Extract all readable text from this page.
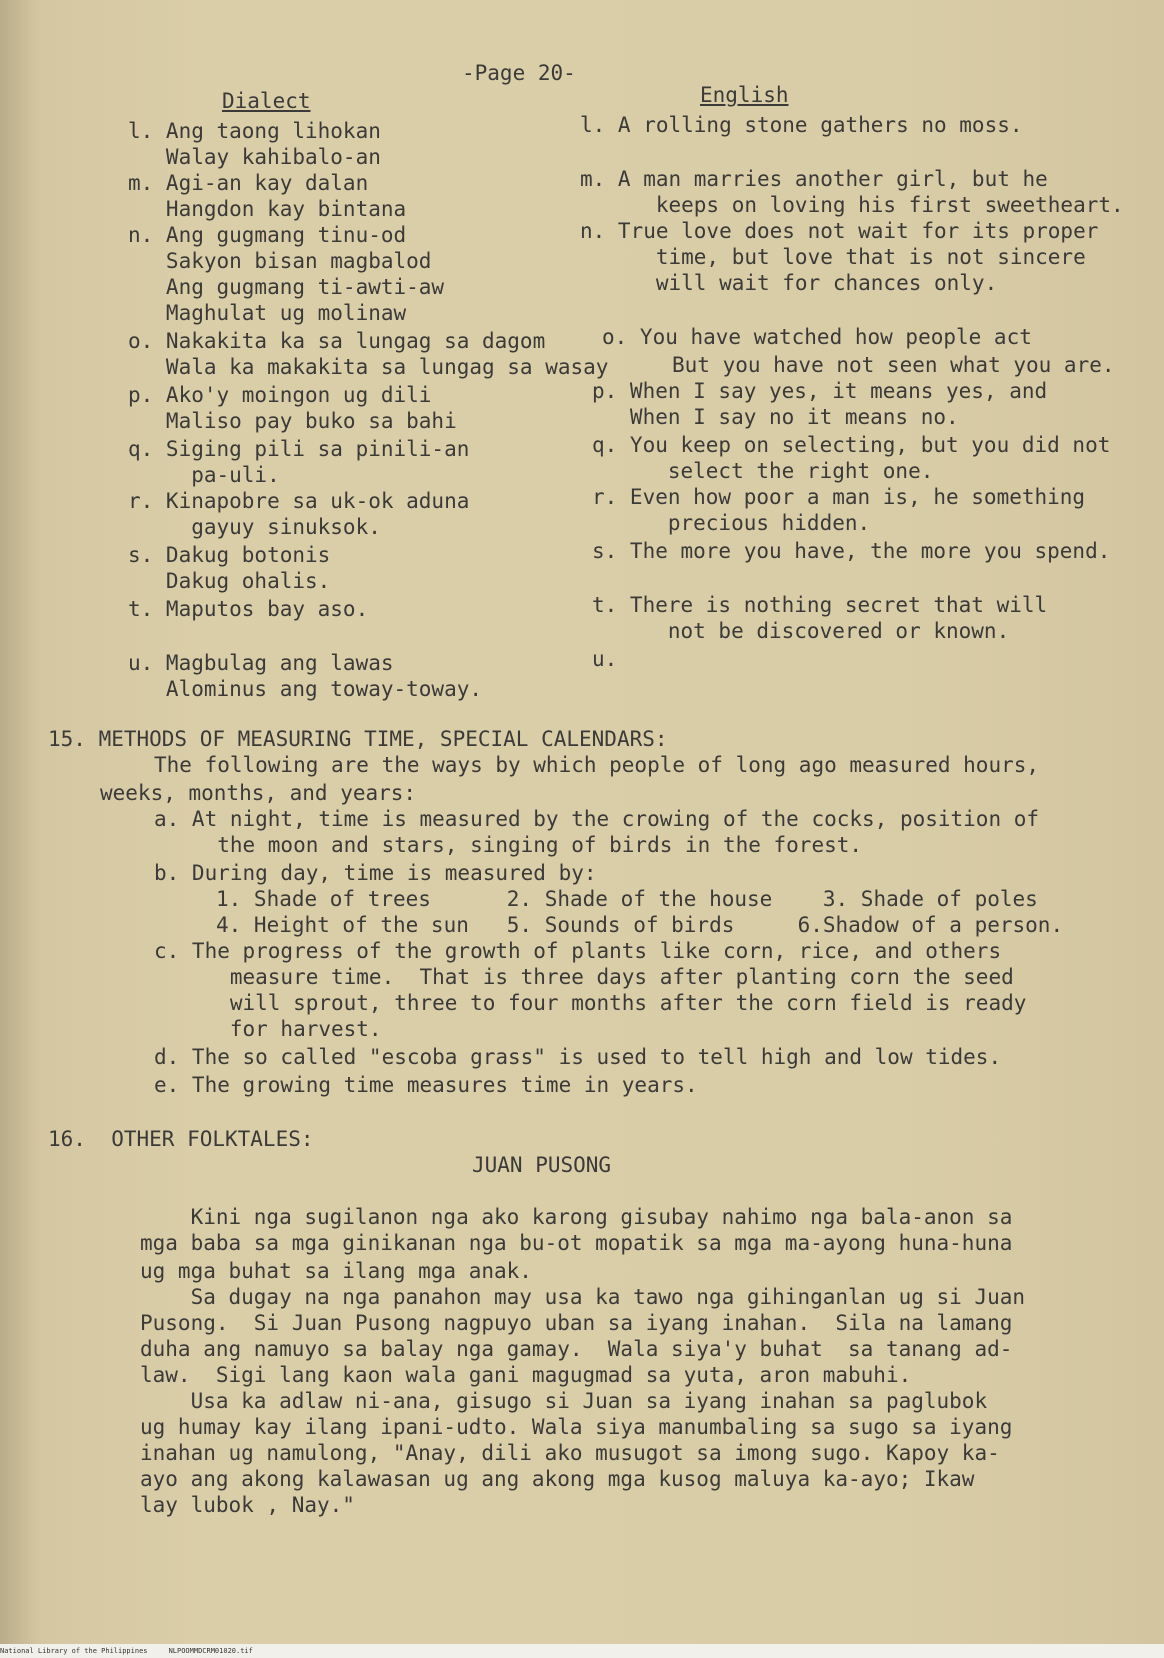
-Page 20-
Dialect	English
l. Ang taong lihokan
Walay kahibalo-an
m. Agi-an kay dalan
Hangdon kay bintana
n. Ang gugmang tinu-od
Sakyon bisan magbalod
Ang gugmang ti-awti-aw
Maghulat ug molinaw
o. Nakakita ka sa lungag sa dagom
Wala ka makakita sa lungag sa wasay
p. Ako'y moingon ug dili
Maliso pay buko sa bahi
q. Siging pili sa pinili-an
pa-uli.
r. Kinapobre sa uk-ok aduna
gayuy sinuksok.
s. Dakug botonis
Dakug ohalis.
t. Maputos bay aso.
u. Magbulag ang lawas
Alominus ang toway-toway.
l. A rolling stone gathers no moss.
m. A man marries another girl, but he
keeps on loving his first sweetheart.
n. True love does not wait for its proper
time, but love that is not sincere
will wait for chances only.
o. You have watched how people act
But you have not seen what you are.
p. When I say yes, it means yes, and
When I say no it means no.
q. You keep on selecting, but you did not
select the right one.
r. Even how poor a man is, he something
precious hidden.
s. The more you have, the more you spend.
t. There is nothing secret that will
not be discovered or known.
u.
15. METHODS OF MEASURING TIME, SPECIAL CALENDARS:
The following are the ways by which people of long ago measured hours,
weeks, months, and years:
a. At night, time is measured by the crowing of the cocks, position of
the moon and stars, singing of birds in the forest.
b. During day, time is measured by:
1. Shade of trees      2. Shade of the house    3. Shade of poles
4. Height of the sun   5. Sounds of birds     6.Shadow of a person.
c. The progress of the growth of plants like corn, rice, and others
measure time.  That is three days after planting corn the seed
will sprout, three to four months after the corn field is ready
for harvest.
d. The so called "escoba grass" is used to tell high and low tides.
e. The growing time measures time in years.
16.  OTHER FOLKTALES:
JUAN PUSONG
Kini nga sugilanon nga ako karong gisubay nahimo nga bala-anon sa
mga baba sa mga ginikanan nga bu-ot mopatik sa mga ma-ayong huna-huna
ug mga buhat sa ilang mga anak.
Sa dugay na nga panahon may usa ka tawo nga gihinganlan ug si Juan
Pusong.  Si Juan Pusong nagpuyo uban sa iyang inahan.  Sila na lamang
duha ang namuyo sa balay nga gamay.  Wala siya'y buhat  sa tanang ad-
law.  Sigi lang kaon wala gani magugmad sa yuta, aron mabuhi.
Usa ka adlaw ni-ana, gisugo si Juan sa iyang inahan sa paglubok
ug humay kay ilang ipani-udto. Wala siya manumbaling sa sugo sa iyang
inahan ug namulong, "Anay, dili ako musugot sa imong sugo. Kapoy ka-
ayo ang akong kalawasan ug ang akong mga kusog maluya ka-ayo; Ikaw
lay lubok , Nay."
National Library of the Philippines     NLPOOMMDCRM01020.tif
